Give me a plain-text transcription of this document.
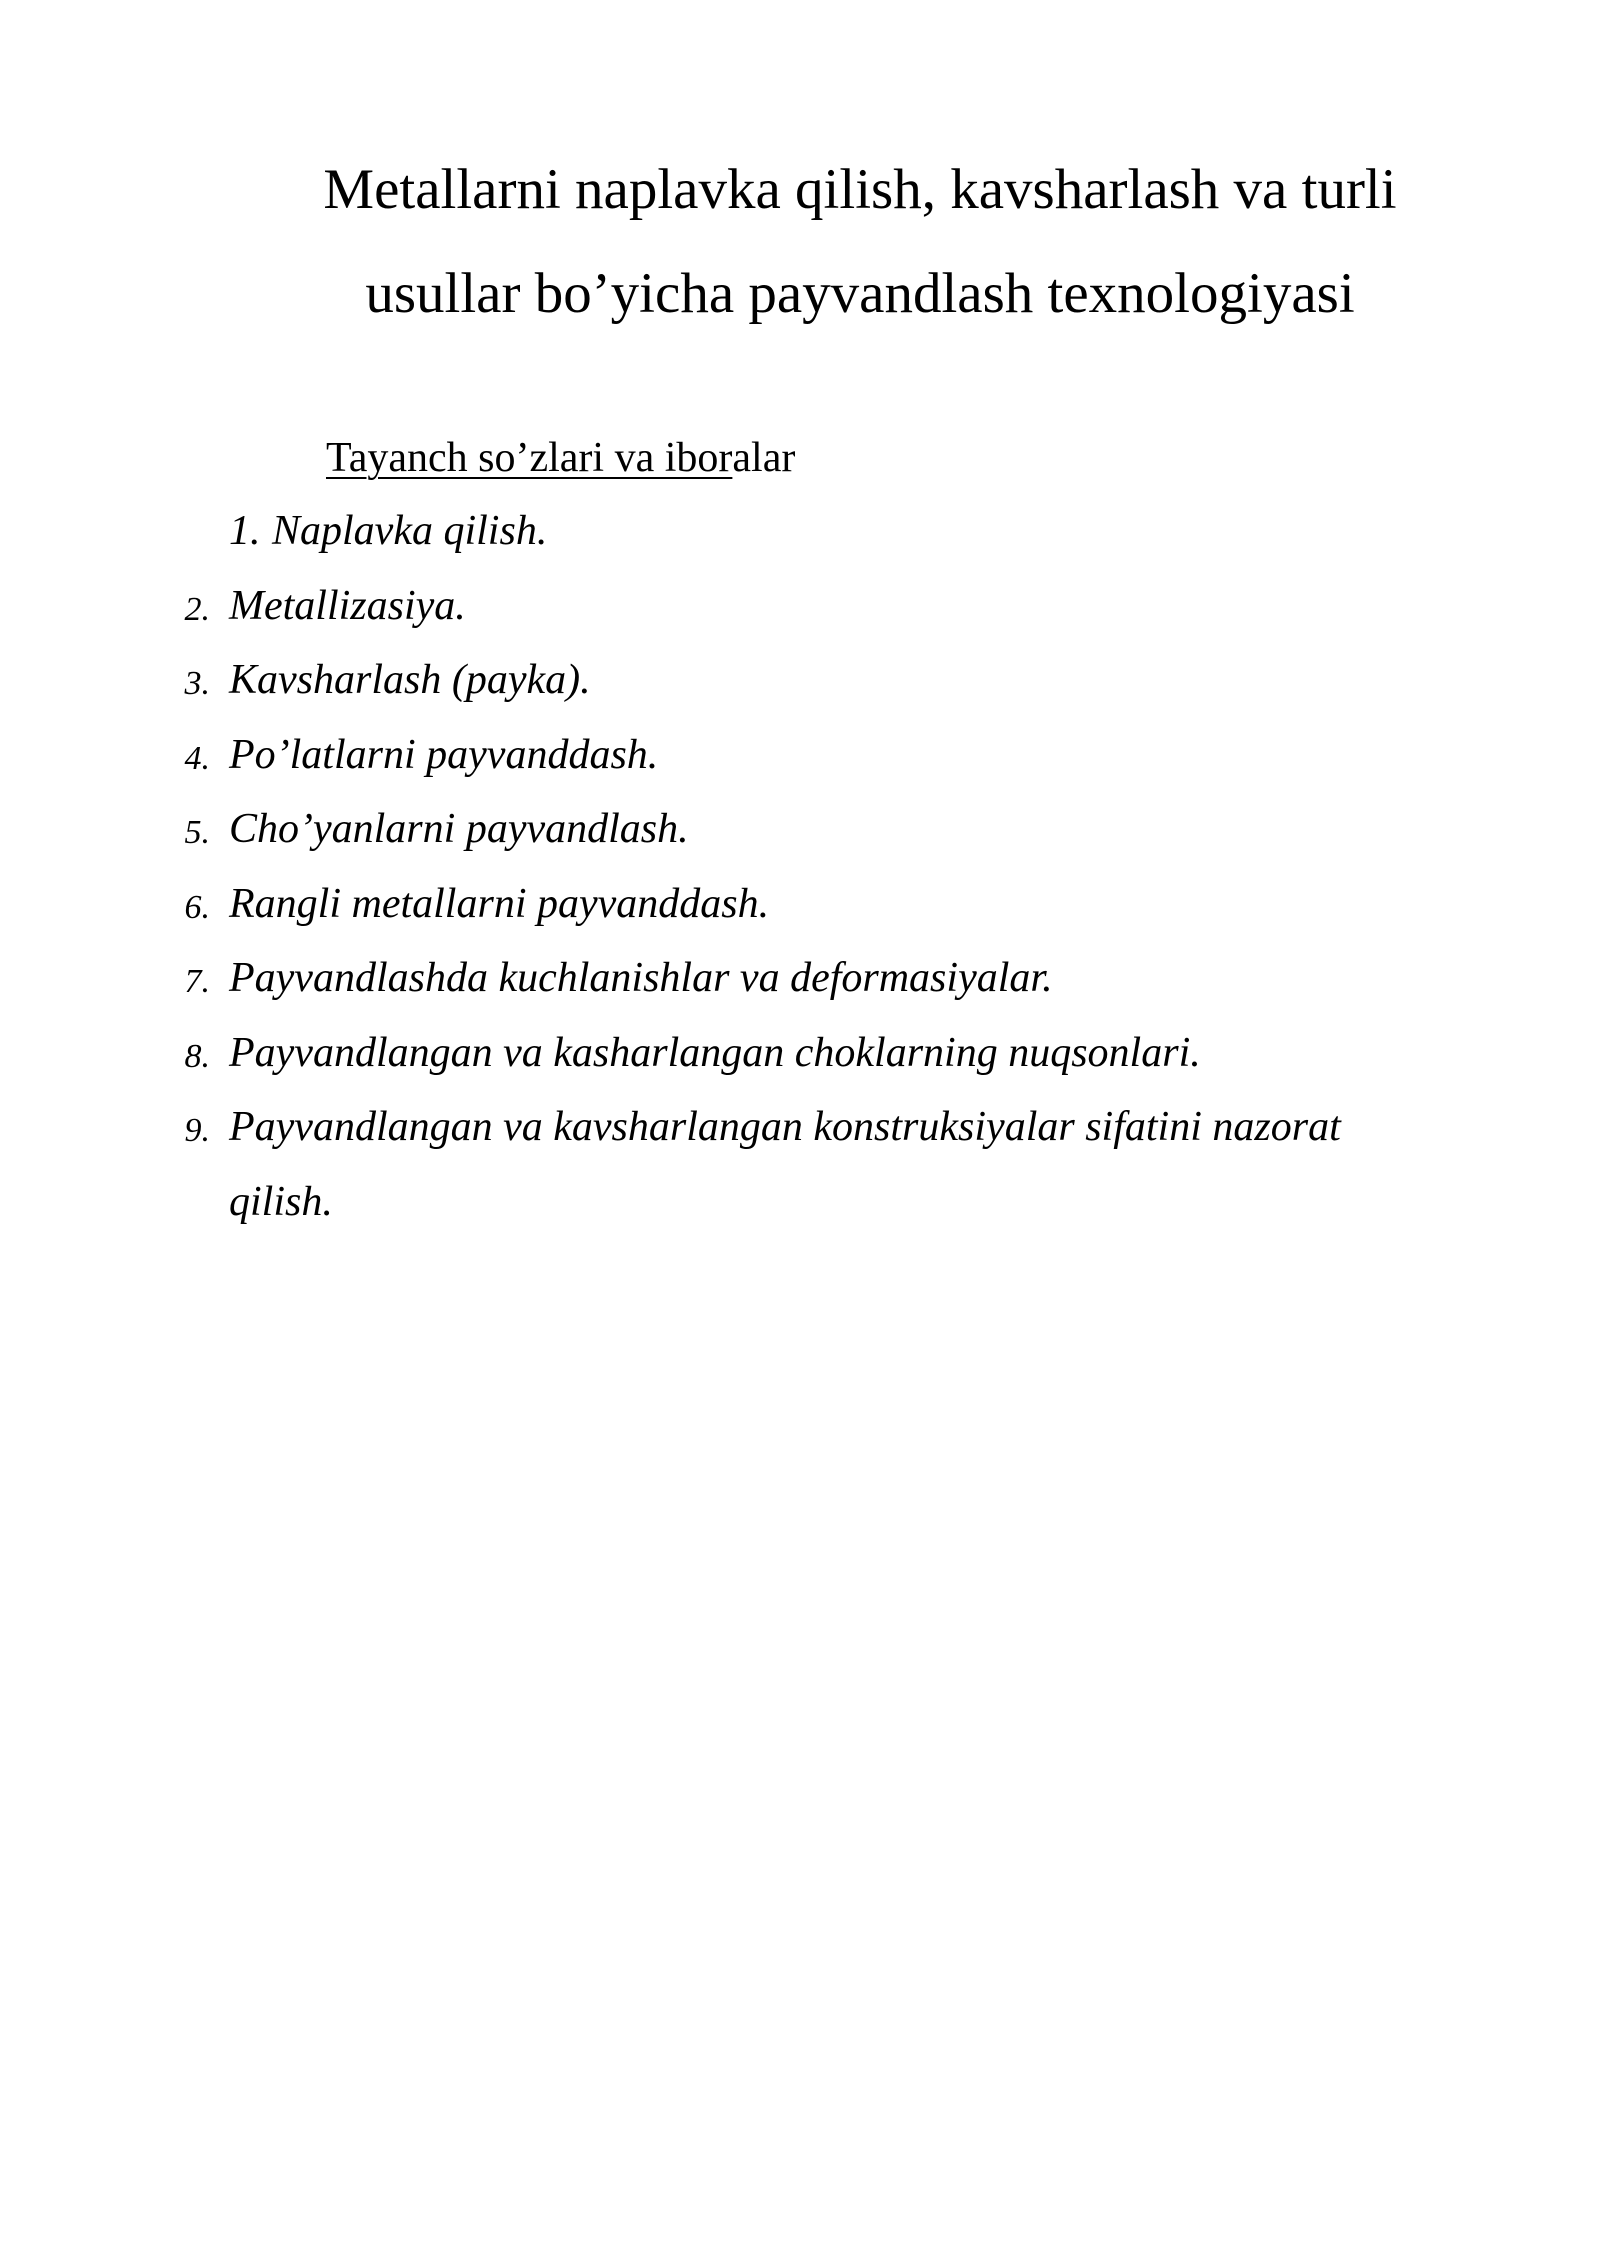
Metallarni naplavka qilish, kavsharlash va turli
usullar bo’yicha payvandlash texnologiyasi
Tayanch so’zlari va iboralar
1. Naplavka qilish.
2. Metallizasiya.
3. Kavsharlash (payka).
4. Po’latlarni payvanddash.
5. Cho’yanlarni payvandlash.
6. Rangli metallarni payvanddash.
7. Payvandlashda kuchlanishlar va deformasiyalar.
8. Payvandlangan va kasharlangan choklarning nuqsonlari.
9. Payvandlangan va kavsharlangan konstruksiyalar sifatini nazorat qilish.
